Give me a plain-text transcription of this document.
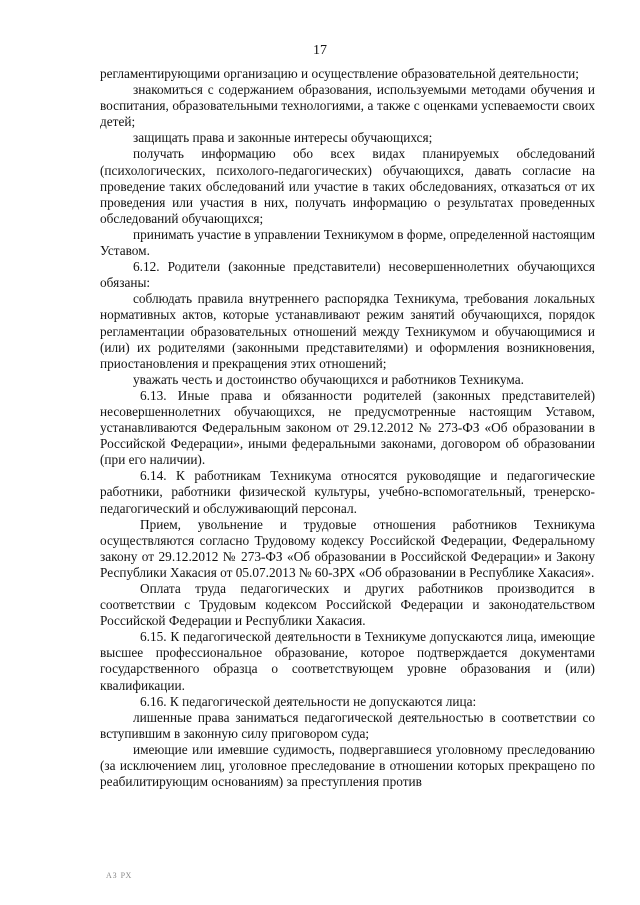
17

регламентирующими организацию и осуществление образовательной деятельности;

знакомиться с содержанием образования, используемыми методами обучения и воспитания, образовательными технологиями, а также с оценками успеваемости своих детей;

защищать права и законные интересы обучающихся;

получать информацию обо всех видах планируемых обследований (психологических, психолого-педагогических) обучающихся, давать согласие на проведение таких обследований или участие в таких обследованиях, отказаться от их проведения или участия в них, получать информацию о результатах проведенных обследований обучающихся;

принимать участие в управлении Техникумом в форме, определенной настоящим Уставом.

6.12. Родители (законные представители) несовершеннолетних обучающихся обязаны:

соблюдать правила внутреннего распорядка Техникума, требования локальных нормативных актов, которые устанавливают режим занятий обучающихся, порядок регламентации образовательных отношений между Техникумом и обучающимися и (или) их родителями (законными представителями) и оформления возникновения, приостановления и прекращения этих отношений;

уважать честь и достоинство обучающихся и работников Техникума.

6.13. Иные права и обязанности родителей (законных представителей) несовершеннолетних обучающихся, не предусмотренные настоящим Уставом, устанавливаются Федеральным законом от 29.12.2012 № 273-ФЗ «Об образовании в Российской Федерации», иными федеральными законами, договором об образовании (при его наличии).

6.14. К работникам Техникума относятся руководящие и педагогические работники, работники физической культуры, учебно-вспомогательный, тренерско-педагогический и обслуживающий персонал.

Прием, увольнение и трудовые отношения работников Техникума осуществляются согласно Трудовому кодексу Российской Федерации, Федеральному закону от 29.12.2012 № 273-ФЗ «Об образовании в Российской Федерации» и Закону Республики Хакасия от 05.07.2013 № 60-ЗРХ «Об образовании в Республике Хакасия».

Оплата труда педагогических и других работников производится в соответствии с Трудовым кодексом Российской Федерации и законодательством Российской Федерации и Республики Хакасия.

6.15. К педагогической деятельности в Техникуме допускаются лица, имеющие высшее профессиональное образование, которое подтверждается документами государственного образца о соответствующем уровне образования и (или) квалификации.

6.16. К педагогической деятельности не допускаются лица:

лишенные права заниматься педагогической деятельностью в соответствии со вступившим в законную силу приговором суда;

имеющие или имевшие судимость, подвергавшиеся уголовному преследованию (за исключением лиц, уголовное преследование в отношении которых прекращено по реабилитирующим основаниям) за преступления против

АЗ РХ
